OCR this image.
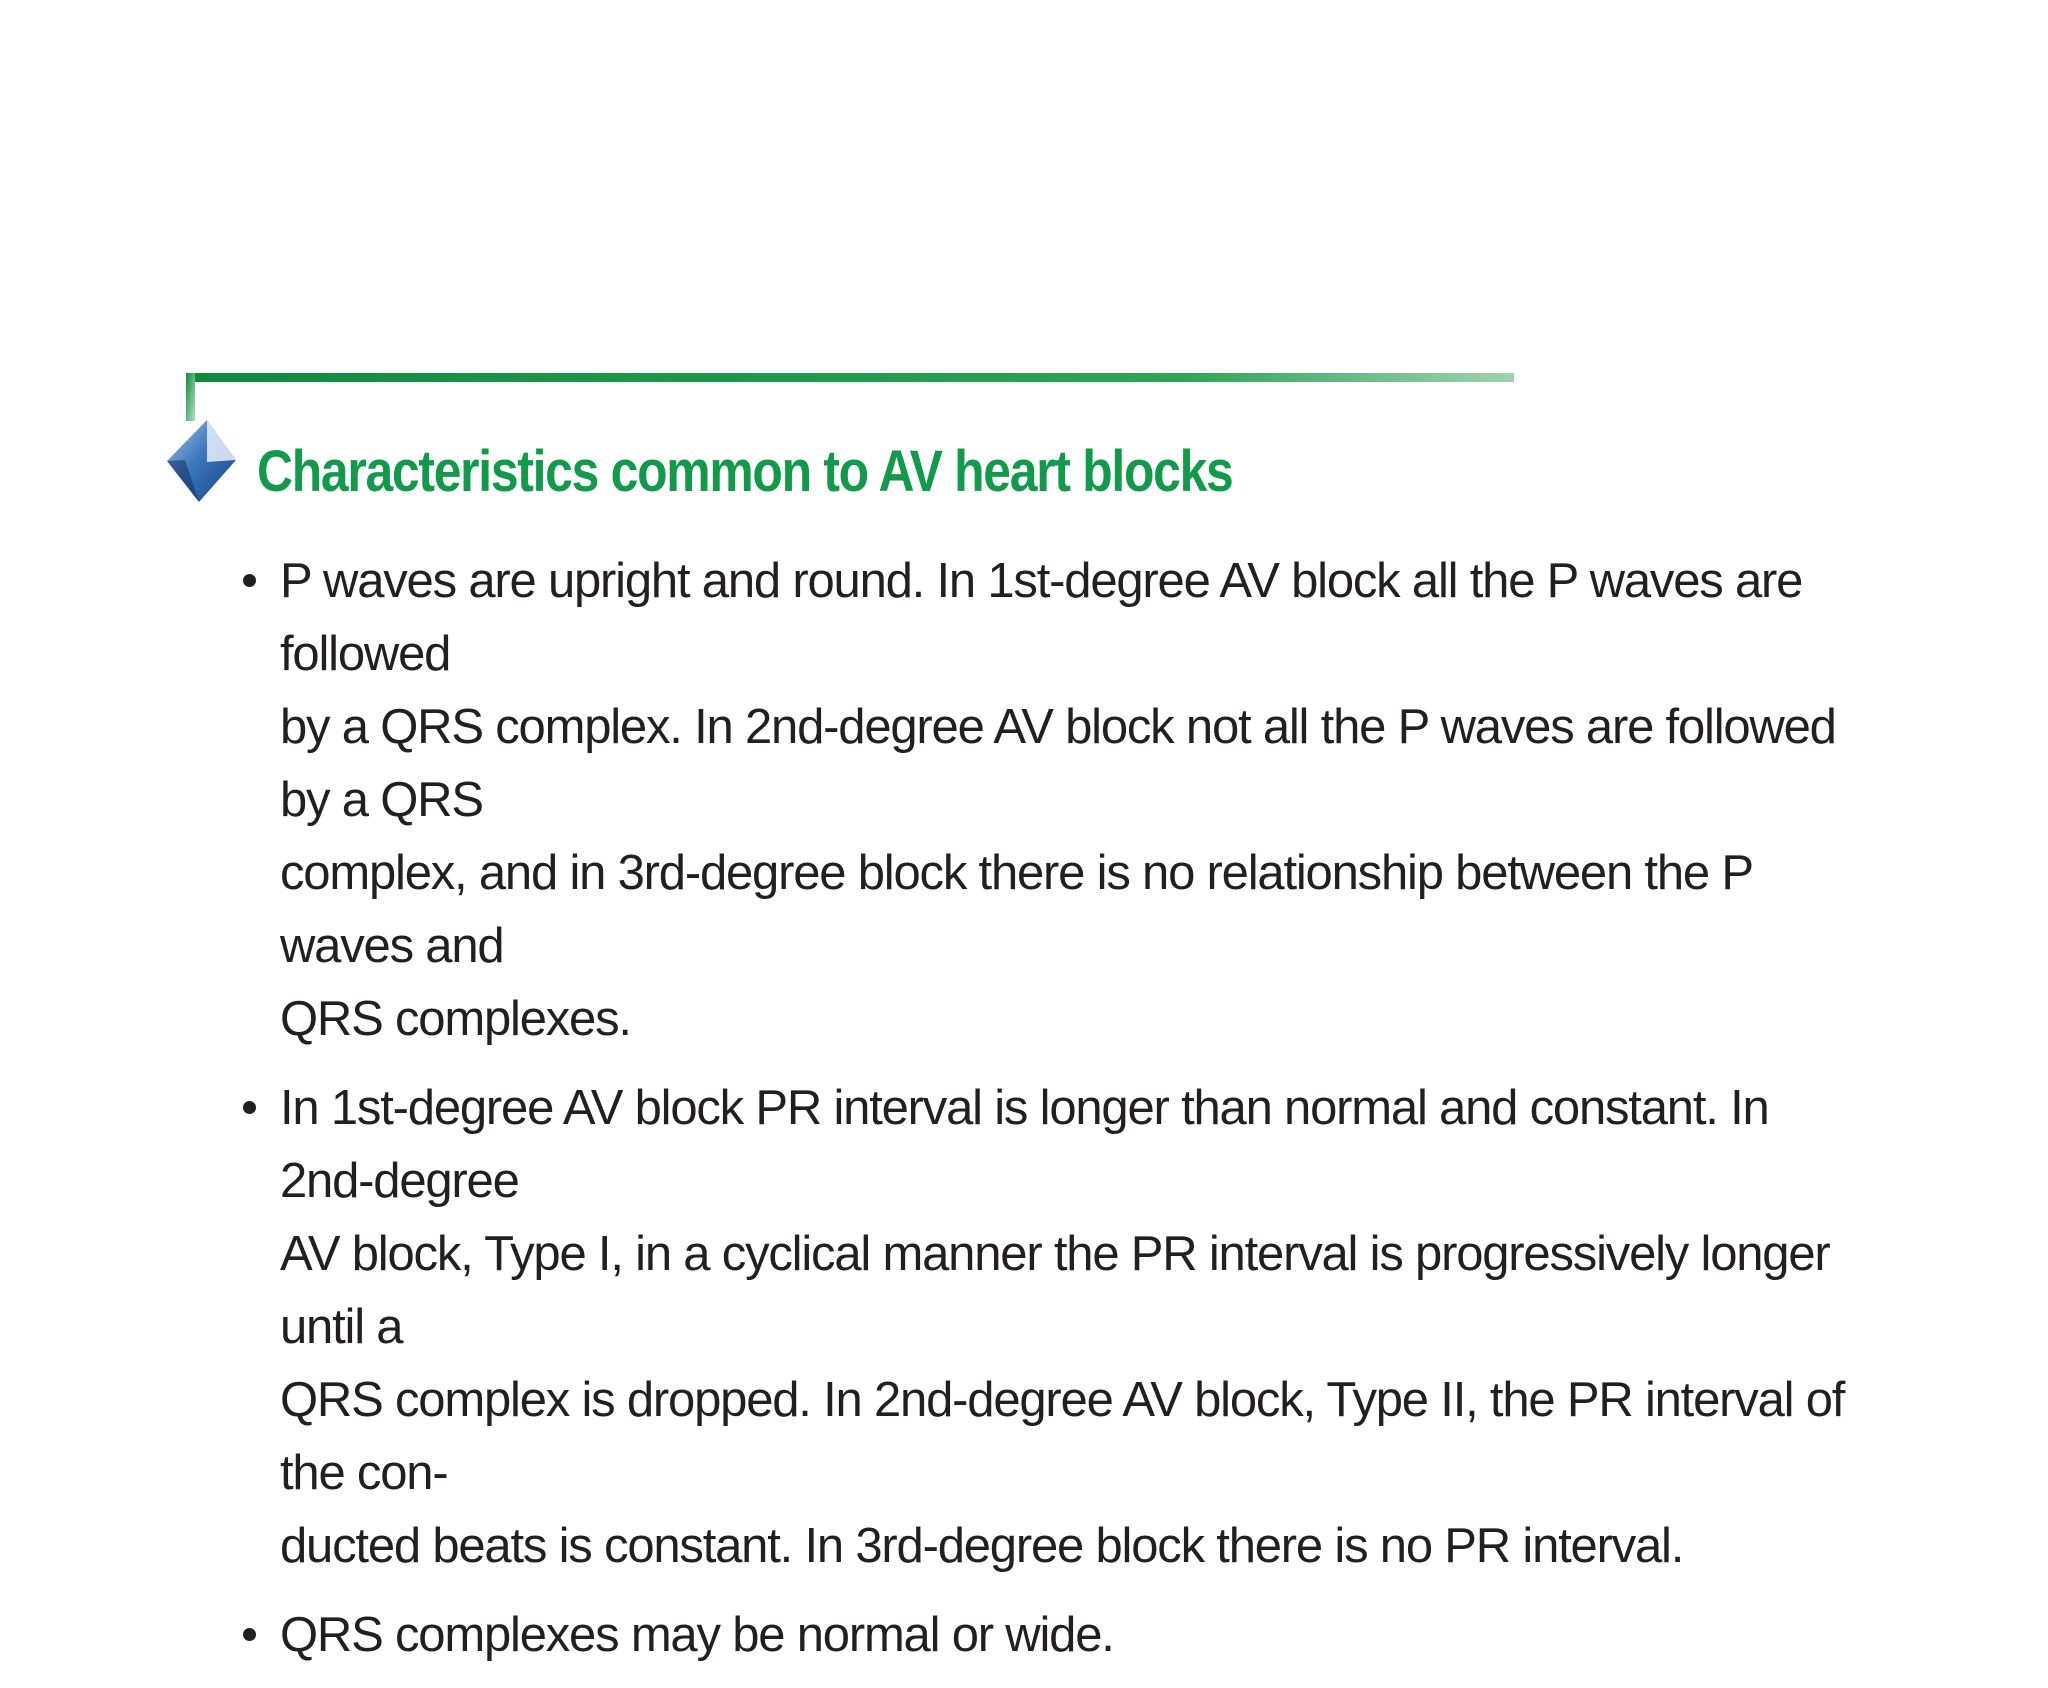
Characteristics common to AV heart blocks
P waves are upright and round. In 1st-degree AV block all the P waves are followed
by a QRS complex. In 2nd-degree AV block not all the P waves are followed by a QRS
complex, and in 3rd-degree block there is no relationship between the P waves and
QRS complexes.
In 1st-degree AV block PR interval is longer than normal and constant. In 2nd-degree
AV block, Type I, in a cyclical manner the PR interval is progressively longer until a
QRS complex is dropped. In 2nd-degree AV block, Type II, the PR interval of the con-
ducted beats is constant. In 3rd-degree block there is no PR interval.
QRS complexes may be normal or wide.
